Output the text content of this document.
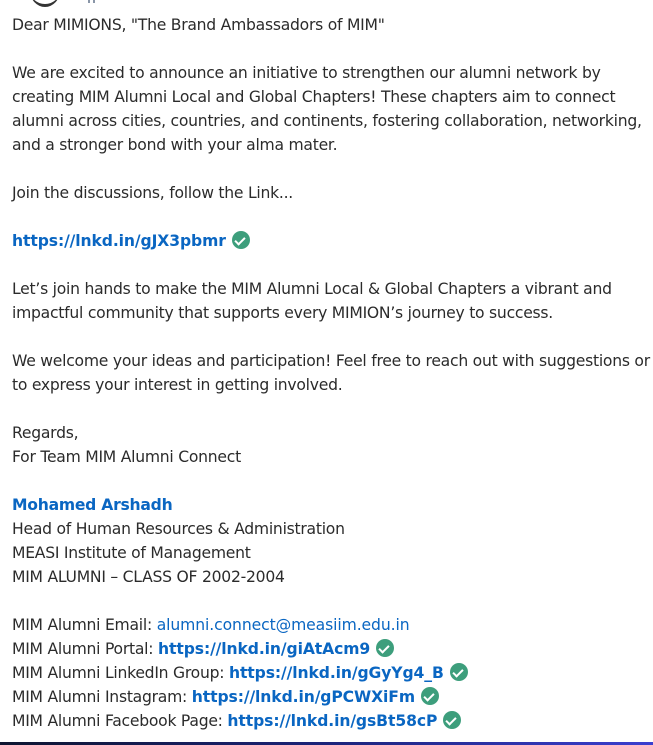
Dear MIMIONS, "The Brand Ambassadors of MIM"
We are excited to announce an initiative to strengthen our alumni network by
creating MIM Alumni Local and Global Chapters! These chapters aim to connect
alumni across cities, countries, and continents, fostering collaboration, networking,
and a stronger bond with your alma mater.
Join the discussions, follow the Link...
https://lnkd.in/gJX3pbmr
Let’s join hands to make the MIM Alumni Local & Global Chapters a vibrant and
impactful community that supports every MIMION’s journey to success.
We welcome your ideas and participation! Feel free to reach out with suggestions or
to express your interest in getting involved.
Regards,
For Team MIM Alumni Connect
Mohamed Arshadh
Head of Human Resources & Administration
MEASI Institute of Management
MIM ALUMNI – CLASS OF 2002-2004
MIM Alumni Email: alumni.connect@measiim.edu.in
MIM Alumni Portal: https://lnkd.in/giAtAcm9
MIM Alumni LinkedIn Group: https://lnkd.in/gGyYg4_B
MIM Alumni Instagram: https://lnkd.in/gPCWXiFm
MIM Alumni Facebook Page: https://lnkd.in/gsBt58cP
